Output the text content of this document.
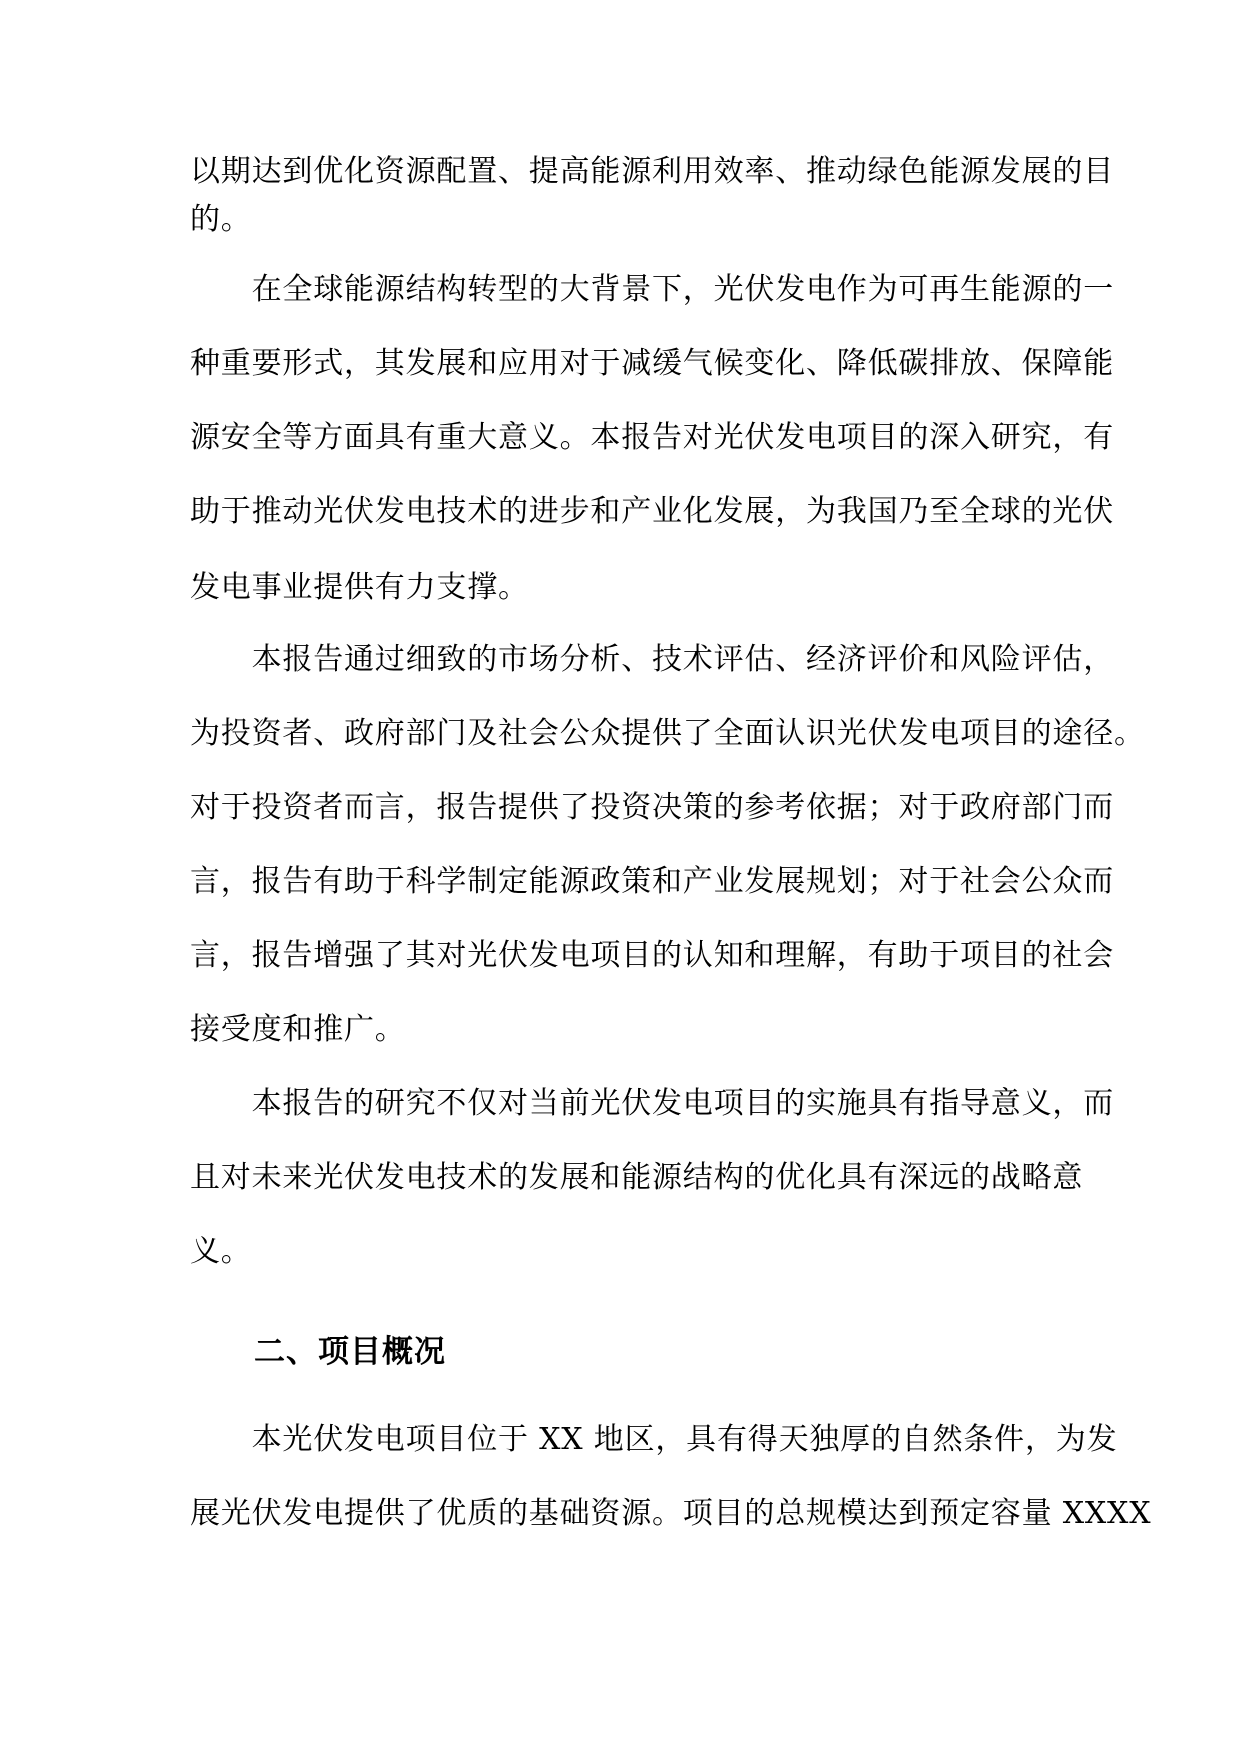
以期达到优化资源配置、提高能源利用效率、推动绿色能源发展的目
的。
　　在全球能源结构转型的大背景下，光伏发电作为可再生能源的一
种重要形式，其发展和应用对于减缓气候变化、降低碳排放、保障能
源安全等方面具有重大意义。本报告对光伏发电项目的深入研究，有
助于推动光伏发电技术的进步和产业化发展，为我国乃至全球的光伏
发电事业提供有力支撑。
　　本报告通过细致的市场分析、技术评估、经济评价和风险评估，
为投资者、政府部门及社会公众提供了全面认识光伏发电项目的途径。
对于投资者而言，报告提供了投资决策的参考依据；对于政府部门而
言，报告有助于科学制定能源政策和产业发展规划；对于社会公众而
言，报告增强了其对光伏发电项目的认知和理解，有助于项目的社会
接受度和推广。
　　本报告的研究不仅对当前光伏发电项目的实施具有指导意义，而
且对未来光伏发电技术的发展和能源结构的优化具有深远的战略意
义。
二、项目概况
　　本光伏发电项目位于 XX 地区，具有得天独厚的自然条件，为发
展光伏发电提供了优质的基础资源。项目的总规模达到预定容量 XXXX
